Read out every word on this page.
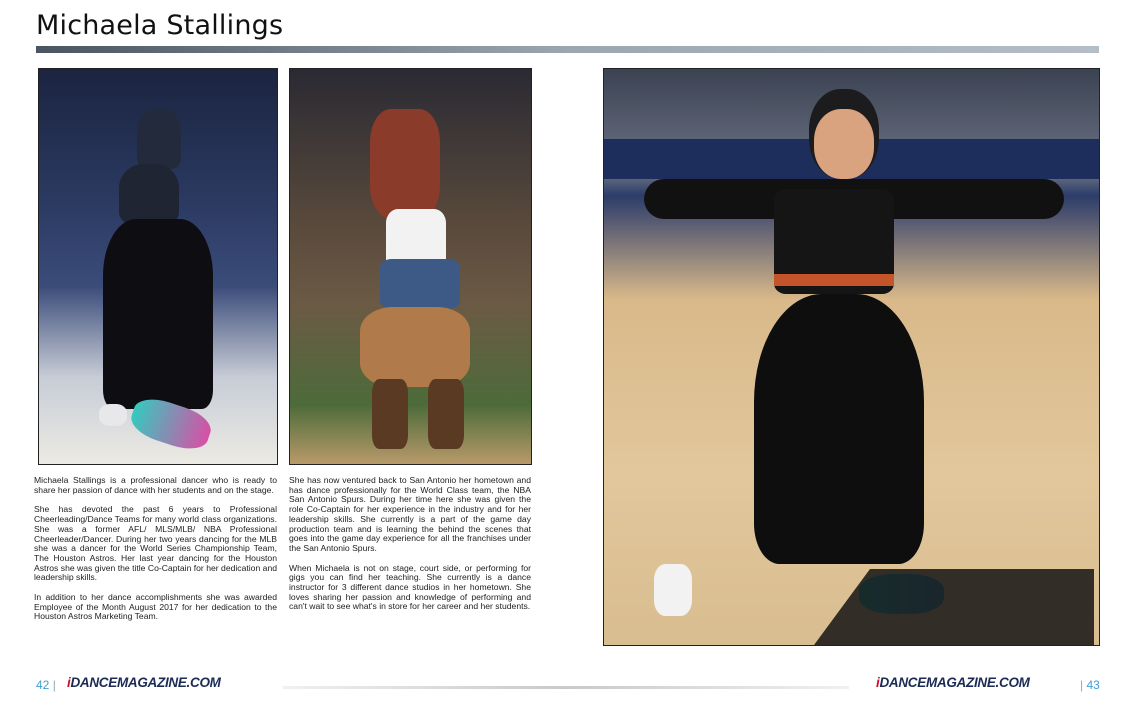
Michaela Stallings

Michaela Stallings is a professional dancer who is ready to share her passion of dance with her students and on the stage.

She has devoted the past 6 years to Professional Cheerleading/Dance Teams for many world class organizations. She was a former AFL/ MLS/MLB/ NBA Professional Cheerleader/Dancer. During her two years dancing for the MLB she was a dancer for the World Series Championship Team, The Houston Astros. Her last year dancing for the Houston Astros she was given the title Co-Captain for her dedication and leadership skills.

In addition to her dance accomplishments she was awarded Employee of the Month August 2017 for her dedication to the Houston Astros Marketing Team.

She has now ventured back to San Antonio her hometown and has dance professionally for the World Class team, the NBA San Antonio Spurs. During her time here she was given the role Co-Captain for her experience in the industry and for her leadership skills. She currently is a part of the game day production team and is learning the behind the scenes that goes into the game day experience for all the franchises under the San Antonio Spurs.

When Michaela is not on stage, court side, or performing for gigs you can find her teaching. She currently is a dance instructor for 3 different dance studios in her hometown. She loves sharing her passion and knowledge of performing and can't wait to see what's in store for her career and her students.

42 | iDANCEMAGAZINE.COM	iDANCEMAGAZINE.COM	| 43
